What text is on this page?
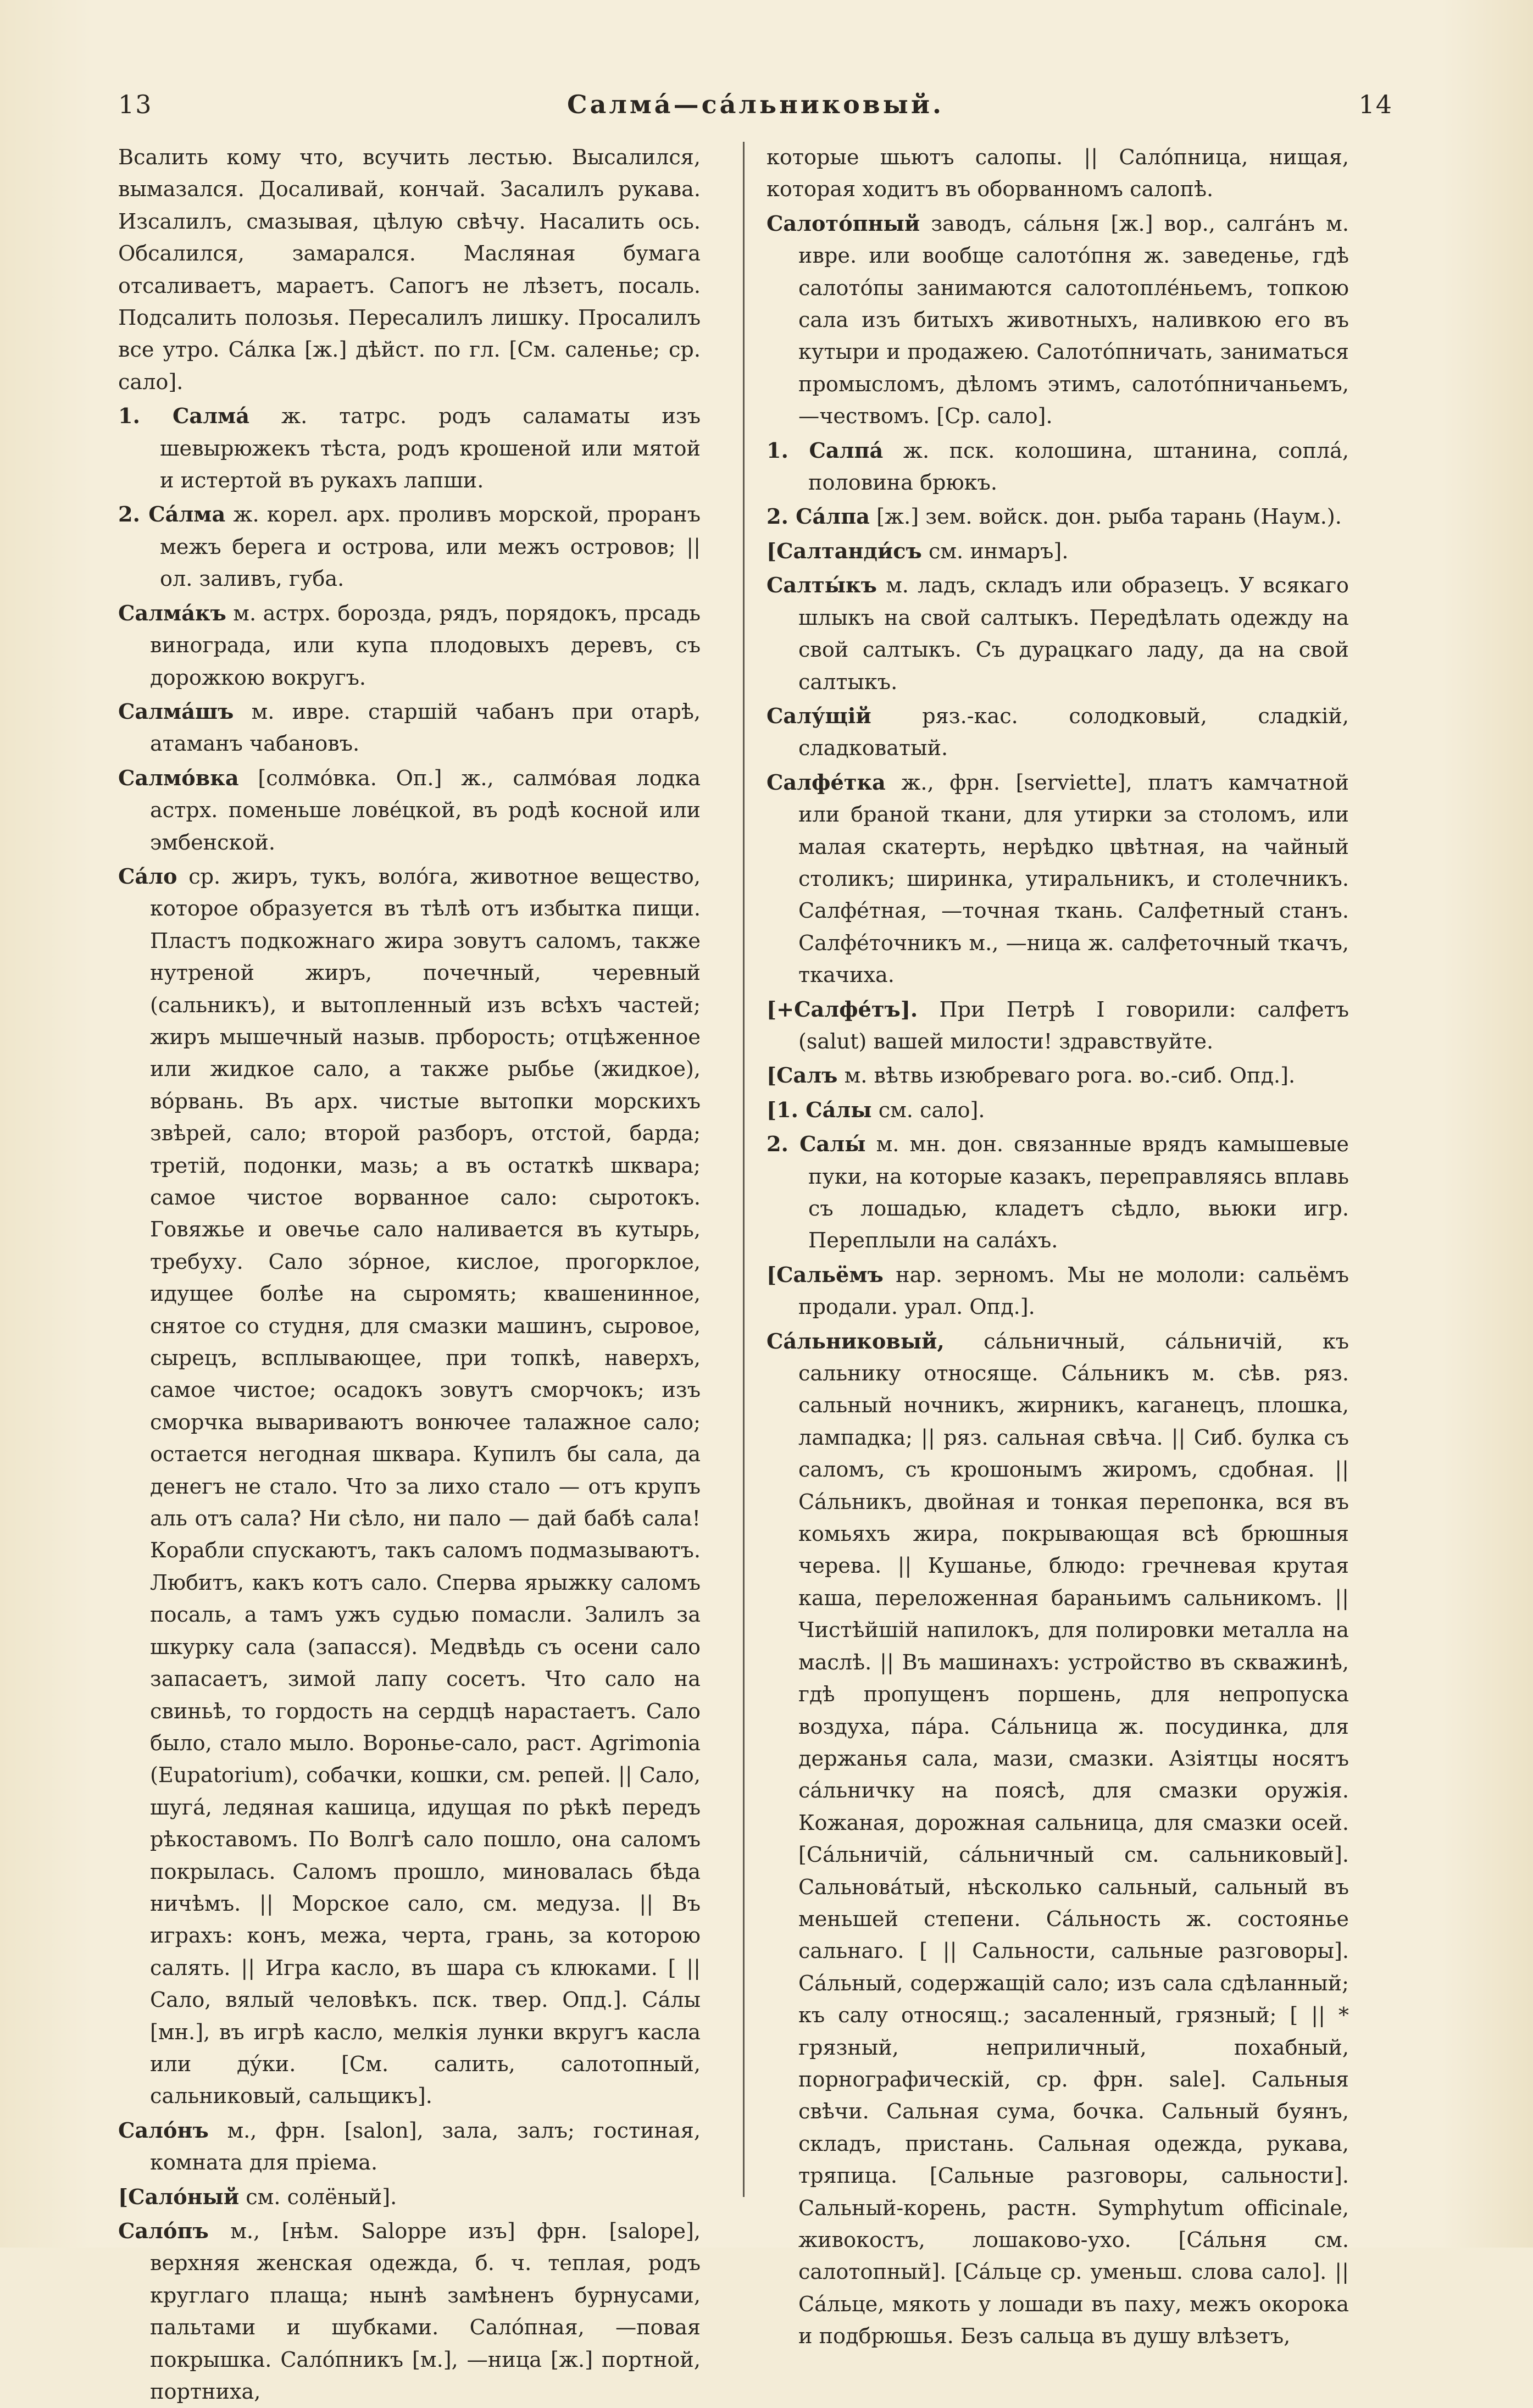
13	Салма́—са́льниковый.	14

Всалить кому что, всучить лестью. Высалился, вымазался. Досаливай, кончай. Засалилъ рукава. Изсалилъ, смазывая, цѣлую свѣчу. Насалить ось. Обсалился, замарался. Масляная бумага отсаливаетъ, мараетъ. Сапогъ не лѣзетъ, посаль. Подсалить полозья. Пересалилъ лишку. Просалилъ все утро. Са́лка [ж.] дѣйст. по гл. [См. саленье; ср. сало].

1. Салма́ ж. татрс. родъ саламаты изъ шевырюжекъ тѣста, родъ крошеной или мятой и истертой въ рукахъ лапши.

2. Са́лма ж. корел. арх. проливъ морской, проранъ межъ берега и острова, или межъ островов; || ол. заливъ, губа.

Салма́къ м. астрх. борозда, рядъ, порядокъ, прсадь винограда, или купа плодовыхъ деревъ, съ дорожкою вокругъ.

Салма́шъ м. ивре. старшій чабанъ при отарѣ, атаманъ чабановъ.

Салмо́вка [солмо́вка. Оп.] ж., салмо́вая лодка астрх. поменьше лове́цкой, въ родѣ косной или эмбенской.

Са́ло ср. жиръ, тукъ, воло́га, животное вещество, которое образуется въ тѣлѣ отъ избытка пищи. Пластъ подкожнаго жира зовутъ саломъ, также нутреной жиръ, почечный, черевный (сальникъ), и вытопленный изъ всѣхъ частей; жиръ мышечный назыв. прборость; отцѣженное или жидкое сало, а также рыбье (жидкое), во́рвань. Въ арх. чистые вытопки морскихъ звѣрей, сало; второй разборъ, отстой, барда; третій, подонки, мазь; а въ остаткѣ шквара; самое чистое ворванное сало: сыротокъ. Говяжье и овечье сало наливается въ кутырь, требуху. Сало зо́рное, кислое, прогорклое, идущее болѣе на сыромять; квашенинное, снятое со студня, для смазки машинъ, сыровое, сырецъ, всплывающее, при топкѣ, наверхъ, самое чистое; осадокъ зовутъ сморчокъ; изъ сморчка вывариваютъ вонючее талажное сало; остается негодная шквара. Купилъ бы сала, да денегъ не стало. Что за лихо стало — отъ крупъ аль отъ сала? Ни сѣло, ни пало — дай бабѣ сала! Корабли спускаютъ, такъ саломъ подмазываютъ. Любитъ, какъ котъ сало. Сперва ярыжку саломъ посаль, а тамъ ужъ судью помасли. Залилъ за шкурку сала (запасся). Медвѣдь съ осени сало запасаетъ, зимой лапу сосетъ. Что сало на свиньѣ, то гордость на сердцѣ нарастаетъ. Сало было, стало мыло. Воронье-сало, раст. Agrimonia (Eupatorium), собачки, кошки, см. репей. || Сало, шуга́, ледяная кашица, идущая по рѣкѣ передъ рѣкоставомъ. По Волгѣ сало пошло, она саломъ покрылась. Саломъ прошло, миновалась бѣда ничѣмъ. || Морское сало, см. медуза. || Въ играхъ: конъ, межа, черта, грань, за которою салять. || Игра касло, въ шара съ клюками. [ || Сало, вялый человѣкъ. пск. твер. Опд.]. Са́лы [мн.], въ игрѣ касло, мелкія лунки вкругъ касла или ду́ки. [См. салить, салотопный, сальниковый, сальщикъ].

Сало́нъ м., фрн. [salon], зала, залъ; гостиная, комната для пріема.

[Сало́ный см. солёный].

Сало́пъ м., [нѣм. Saloppe изъ] фрн. [salope], верхняя женская одежда, б. ч. теплая, родъ круглаго плаща; нынѣ замѣненъ бурнусами, пальтами и шубками. Сало́пная, —повая покрышка. Сало́пникъ [м.], —ница [ж.] портной, портниха,

которые шьютъ салопы. || Сало́пница, нищая, которая ходитъ въ оборванномъ салопѣ.

Салото́пный заводъ, са́льня [ж.] вор., салга́нъ м. ивре. или вообще салото́пня ж. заведенье, гдѣ салото́пы занимаются салотопле́ньемъ, топкою сала изъ битыхъ животныхъ, наливкою его въ кутыри и продажею. Салото́пничать, заниматься промысломъ, дѣломъ этимъ, салото́пничаньемъ, —чествомъ. [Ср. сало].

1. Салпа́ ж. пск. колошина, штанина, сопла́, половина брюкъ.

2. Са́лпа [ж.] зем. войск. дон. рыба тарань (Наум.).

[Салтанди́съ см. инмаръ].

Салты́къ м. ладъ, складъ или образецъ. У всякаго шлыкъ на свой салтыкъ. Передѣлать одежду на свой салтыкъ. Съ дурацкаго ладу, да на свой салтыкъ.

Салу́щій ряз.-кас. солодковый, сладкій, сладковатый.

Салфе́тка ж., фрн. [serviette], платъ камчатной или браной ткани, для утирки за столомъ, или малая скатерть, нерѣдко цвѣтная, на чайный столикъ; ширинка, утиральникъ, и столечникъ. Салфе́тная, —точная ткань. Салфетный станъ. Салфе́точникъ м., —ница ж. салфеточный ткачъ, ткачиха.

[+Салфе́тъ]. При Петрѣ I говорили: салфетъ (salut) вашей милости! здравствуйте.

[Салъ м. вѣтвь изюбреваго рога. во.-сиб. Опд.].

[1. Са́лы см. сало].

2. Салы́ м. мн. дон. связанные врядъ камышевые пуки, на которые казакъ, переправляясь вплавь съ лошадью, кладетъ сѣдло, вьюки игр. Переплыли на сала́хъ.

[Сальёмъ нар. зерномъ. Мы не мололи: сальёмъ продали. урал. Опд.].

Са́льниковый, са́льничный, са́льничій, къ сальнику относяще. Са́льникъ м. сѣв. ряз. сальный ночникъ, жирникъ, каганецъ, плошка, лампадка; || ряз. сальная свѣча. || Сиб. булка съ саломъ, съ крошонымъ жиромъ, сдобная. || Са́льникъ, двойная и тонкая перепонка, вся въ комьяхъ жира, покрывающая всѣ брюшныя черева. || Кушанье, блюдо: гречневая крутая каша, переложенная бараньимъ сальникомъ. || Чистѣйшій напилокъ, для полировки металла на маслѣ. || Въ машинахъ: устройство въ скважинѣ, гдѣ пропущенъ поршень, для непропуска воздуха, па́ра. Са́льница ж. посудинка, для держанья сала, мази, смазки. Азіятцы носятъ са́льничку на поясѣ, для смазки оружія. Кожаная, дорожная сальница, для смазки осей. [Са́льничій, са́льничный см. сальниковый]. Сальнова́тый, нѣсколько сальный, сальный въ меньшей степени. Са́льность ж. состоянье сальнаго. [ || Сальности, сальные разговоры]. Са́льный, содержащій сало; изъ сала сдѣланный; къ салу относящ.; засаленный, грязный; [ || * грязный, неприличный, похабный, порнографическій, ср. фрн. sale]. Сальныя свѣчи. Сальная сума, бочка. Сальный буянъ, складъ, пристань. Сальная одежда, рукава, тряпица. [Сальные разговоры, сальности]. Сальный-корень, растн. Symphytum officinale, живокостъ, лошаково-ухо. [Са́льня см. салотопный]. [Са́льце ср. уменьш. слова сало]. || Са́льце, мякоть у лошади въ паху, межъ окорока и подбрюшья. Безъ сальца въ душу влѣзетъ,
